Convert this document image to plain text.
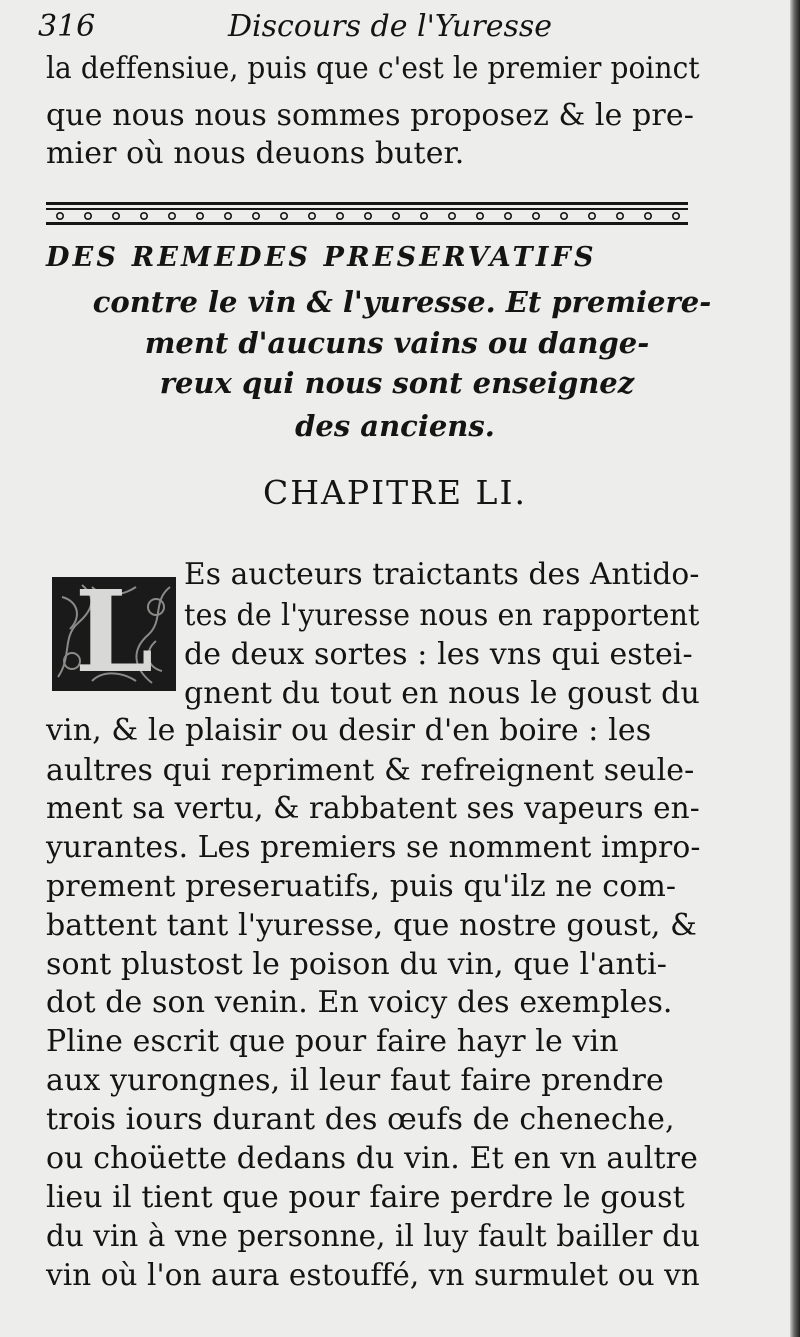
316	Discours de l'Yuresse
la deffensiue, puis que c'est le premier poinct
que nous nous sommes proposez & le pre-
mier où nous deuons buter.
DES REMEDES PRESERVATIFS
contre le vin & l'yuresse. Et premiere-
ment d'aucuns vains ou dange-
reux qui nous sont enseignez
des anciens.
CHAPITRE LI.
L	Es aucteurs traictants des Antido-
tes de l'yuresse nous en rapportent
de deux sortes : les vns qui estei-
gnent du tout en nous le goust du
vin, & le plaisir ou desir d'en boire : les
aultres qui repriment & refreignent seule-
ment sa vertu, & rabbatent ses vapeurs en-
yurantes. Les premiers se nomment impro-
prement preseruatifs, puis qu'ilz ne com-
battent tant l'yuresse, que nostre goust, &
sont plustost le poison du vin, que l'anti-
dot de son venin. En voicy des exemples.
Pline escrit que pour faire hayr le vin
aux yurongnes, il leur faut faire prendre
trois iours durant des œufs de cheneche,
ou choüette dedans du vin. Et en vn aultre
lieu il tient que pour faire perdre le goust
du vin à vne personne, il luy fault bailler du
vin où l'on aura estouffé, vn surmulet ou vn
